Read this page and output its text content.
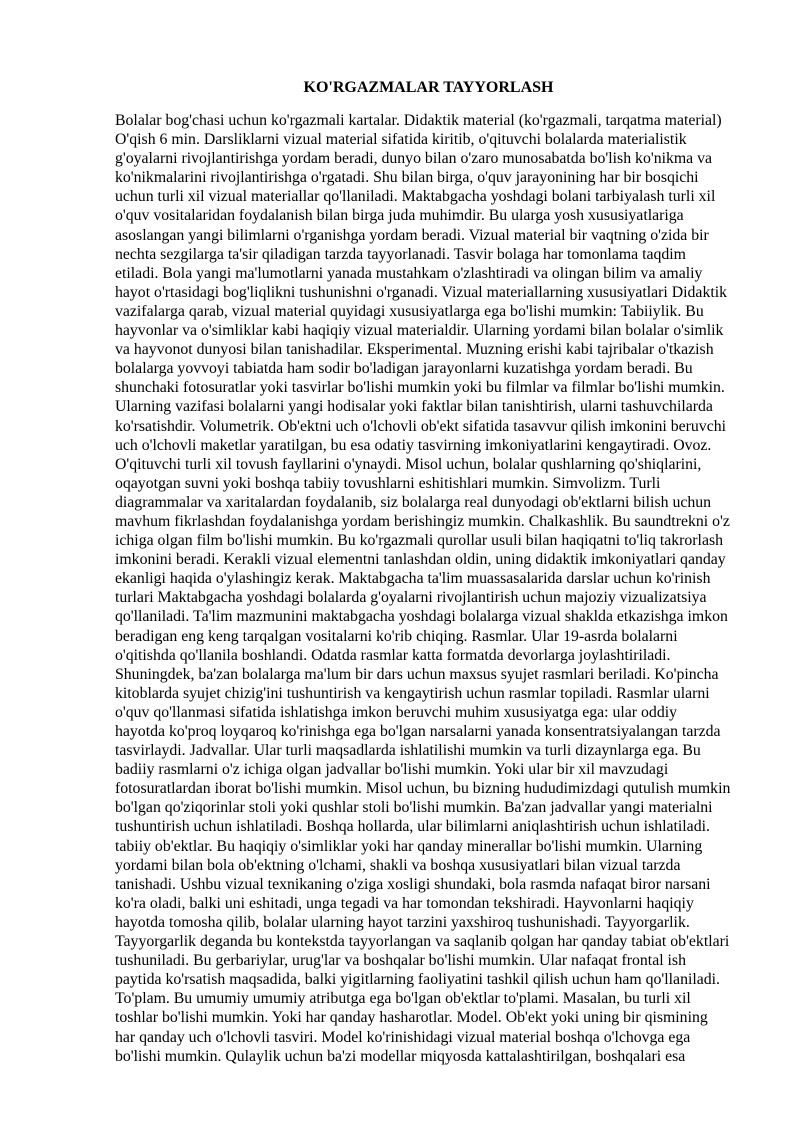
KO'RGAZMALAR TAYYORLASH
Bolalar bog'chasi uchun ko'rgazmali kartalar. Didaktik material (ko'rgazmali, tarqatma material)
O'qish 6 min. Darsliklarni vizual material sifatida kiritib, o'qituvchi bolalarda materialistik
g'oyalarni rivojlantirishga yordam beradi, dunyo bilan o'zaro munosabatda bo'lish ko'nikma va
ko'nikmalarini rivojlantirishga o'rgatadi. Shu bilan birga, o'quv jarayonining har bir bosqichi
uchun turli xil vizual materiallar qo'llaniladi. Maktabgacha yoshdagi bolani tarbiyalash turli xil
o'quv vositalaridan foydalanish bilan birga juda muhimdir. Bu ularga yosh xususiyatlariga
asoslangan yangi bilimlarni o'rganishga yordam beradi. Vizual material bir vaqtning o'zida bir
nechta sezgilarga ta'sir qiladigan tarzda tayyorlanadi. Tasvir bolaga har tomonlama taqdim
etiladi. Bola yangi ma'lumotlarni yanada mustahkam o'zlashtiradi va olingan bilim va amaliy
hayot o'rtasidagi bog'liqlikni tushunishni o'rganadi. Vizual materiallarning xususiyatlari Didaktik
vazifalarga qarab, vizual material quyidagi xususiyatlarga ega bo'lishi mumkin: Tabiiylik. Bu
hayvonlar va o'simliklar kabi haqiqiy vizual materialdir. Ularning yordami bilan bolalar o'simlik
va hayvonot dunyosi bilan tanishadilar. Eksperimental. Muzning erishi kabi tajribalar o'tkazish
bolalarga yovvoyi tabiatda ham sodir bo'ladigan jarayonlarni kuzatishga yordam beradi. Bu
shunchaki fotosuratlar yoki tasvirlar bo'lishi mumkin yoki bu filmlar va filmlar bo'lishi mumkin.
Ularning vazifasi bolalarni yangi hodisalar yoki faktlar bilan tanishtirish, ularni tashuvchilarda
ko'rsatishdir. Volumetrik. Ob'ektni uch o'lchovli ob'ekt sifatida tasavvur qilish imkonini beruvchi
uch o'lchovli maketlar yaratilgan, bu esa odatiy tasvirning imkoniyatlarini kengaytiradi. Ovoz.
O'qituvchi turli xil tovush fayllarini o'ynaydi. Misol uchun, bolalar qushlarning qo'shiqlarini,
oqayotgan suvni yoki boshqa tabiiy tovushlarni eshitishlari mumkin. Simvolizm. Turli
diagrammalar va xaritalardan foydalanib, siz bolalarga real dunyodagi ob'ektlarni bilish uchun
mavhum fikrlashdan foydalanishga yordam berishingiz mumkin. Chalkashlik. Bu saundtrekni o'z
ichiga olgan film bo'lishi mumkin. Bu ko'rgazmali qurollar usuli bilan haqiqatni to'liq takrorlash
imkonini beradi. Kerakli vizual elementni tanlashdan oldin, uning didaktik imkoniyatlari qanday
ekanligi haqida o'ylashingiz kerak. Maktabgacha ta'lim muassasalarida darslar uchun ko'rinish
turlari Maktabgacha yoshdagi bolalarda g'oyalarni rivojlantirish uchun majoziy vizualizatsiya
qo'llaniladi. Ta'lim mazmunini maktabgacha yoshdagi bolalarga vizual shaklda etkazishga imkon
beradigan eng keng tarqalgan vositalarni ko'rib chiqing. Rasmlar. Ular 19-asrda bolalarni
o'qitishda qo'llanila boshlandi. Odatda rasmlar katta formatda devorlarga joylashtiriladi.
Shuningdek, ba'zan bolalarga ma'lum bir dars uchun maxsus syujet rasmlari beriladi. Ko'pincha
kitoblarda syujet chizig'ini tushuntirish va kengaytirish uchun rasmlar topiladi. Rasmlar ularni
o'quv qo'llanmasi sifatida ishlatishga imkon beruvchi muhim xususiyatga ega: ular oddiy
hayotda ko'proq loyqaroq ko'rinishga ega bo'lgan narsalarni yanada konsentratsiyalangan tarzda
tasvirlaydi. Jadvallar. Ular turli maqsadlarda ishlatilishi mumkin va turli dizaynlarga ega. Bu
badiiy rasmlarni o'z ichiga olgan jadvallar bo'lishi mumkin. Yoki ular bir xil mavzudagi
fotosuratlardan iborat bo'lishi mumkin. Misol uchun, bu bizning hududimizdagi qutulish mumkin
bo'lgan qo'ziqorinlar stoli yoki qushlar stoli bo'lishi mumkin. Ba'zan jadvallar yangi materialni
tushuntirish uchun ishlatiladi. Boshqa hollarda, ular bilimlarni aniqlashtirish uchun ishlatiladi.
tabiiy ob'ektlar. Bu haqiqiy o'simliklar yoki har qanday minerallar bo'lishi mumkin. Ularning
yordami bilan bola ob'ektning o'lchami, shakli va boshqa xususiyatlari bilan vizual tarzda
tanishadi. Ushbu vizual texnikaning o'ziga xosligi shundaki, bola rasmda nafaqat biror narsani
ko'ra oladi, balki uni eshitadi, unga tegadi va har tomondan tekshiradi. Hayvonlarni haqiqiy
hayotda tomosha qilib, bolalar ularning hayot tarzini yaxshiroq tushunishadi. Tayyorgarlik.
Tayyorgarlik deganda bu kontekstda tayyorlangan va saqlanib qolgan har qanday tabiat ob'ektlari
tushuniladi. Bu gerbariylar, urug'lar va boshqalar bo'lishi mumkin. Ular nafaqat frontal ish
paytida ko'rsatish maqsadida, balki yigitlarning faoliyatini tashkil qilish uchun ham qo'llaniladi.
To'plam. Bu umumiy umumiy atributga ega bo'lgan ob'ektlar to'plami. Masalan, bu turli xil
toshlar bo'lishi mumkin. Yoki har qanday hasharotlar. Model. Ob'ekt yoki uning bir qismining
har qanday uch o'lchovli tasviri. Model ko'rinishidagi vizual material boshqa o'lchovga ega
bo'lishi mumkin. Qulaylik uchun ba'zi modellar miqyosda kattalashtirilgan, boshqalari esa
